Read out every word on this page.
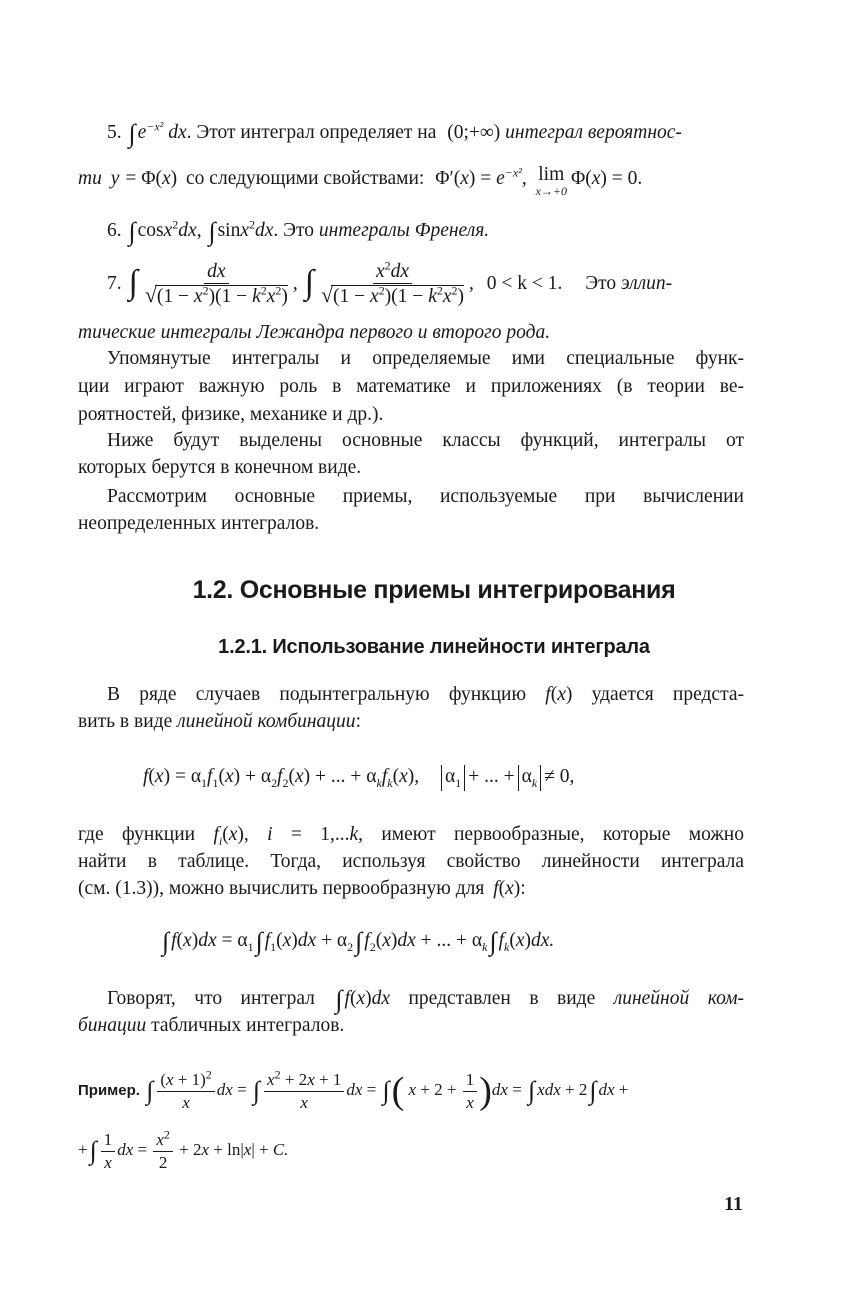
5. ∫ $e^{-x^2}$ dx. Этот интеграл определяет на (0;+∞) интеграл вероятнос-
ти y = Φ(x) со следующими свойствами: $\Phi'(x) = e^{-x^2}$, lim
x→+0
Φ(x) = 0.
6. ∫ cosx$^2$dx, ∫ sinx$^2$dx. Это интегралы Френеля.
7. ∫ $\frac{dx}{√(1 - x^2)(1 - k^2x^2)}$ , ∫ $\frac{x^2dx}{√(1 - x^2)(1 - k^2x^2)}$ , 0 < k < 1. Это эллип-
тические интегралы Лежандра первого и второго рода.
Упомянутые интегралы и определяемые ими специальные функ-
ции играют важную роль в математике и приложениях (в теории ве-
роятностей, физике, механике и др.).
Ниже будут выделены основные классы функций, интегралы от
которых берутся в конечном виде.
Рассмотрим основные приемы, используемые при вычислении
неопределенных интегралов.
1.2. Основные приемы интегрирования
1.2.1. Использование линейности интеграла
В ряде случаев подынтегральную функцию f(x) удается предста-
вить в виде линейной комбинации:
$f(x) = \alpha_1f_1(x) + \alpha_2f_2(x)$ + ... + $\alpha_kf_k(x)$, $\alpha_1$ + ... + $\alpha_k \ne 0$,
где функции $f_i(x)$, i = 1,...k, имеют первообразные, которые можно
найти в таблице. Тогда, используя свойство линейности интеграла
(см. (1.3)), можно вычислить первообразную для f(x):
∫ $f(x)dx = \alpha_1\int$ $f_1(x)dx + \alpha_2\int$ $f_2(x)dx$ + ... + $\alpha_k\int$ $f_k(x)dx$.
Говорят, что интеграл ∫ f(x)dx представлен в виде линейной ком-
бинации табличных интегралов.
Пример. ∫ $\frac{(x + 1)^2}{x}$ dx = ∫ $\frac{x^2 + 2x + 1}{x}$ dx = ∫( $x + 2 + \frac{1}{x} )dx$ = ∫ xdx + 2∫ dx +
+∫ $\frac{1}{x}$ dx = $\frac{x^2}{2} + 2x + \ln|x| + C$.
11
